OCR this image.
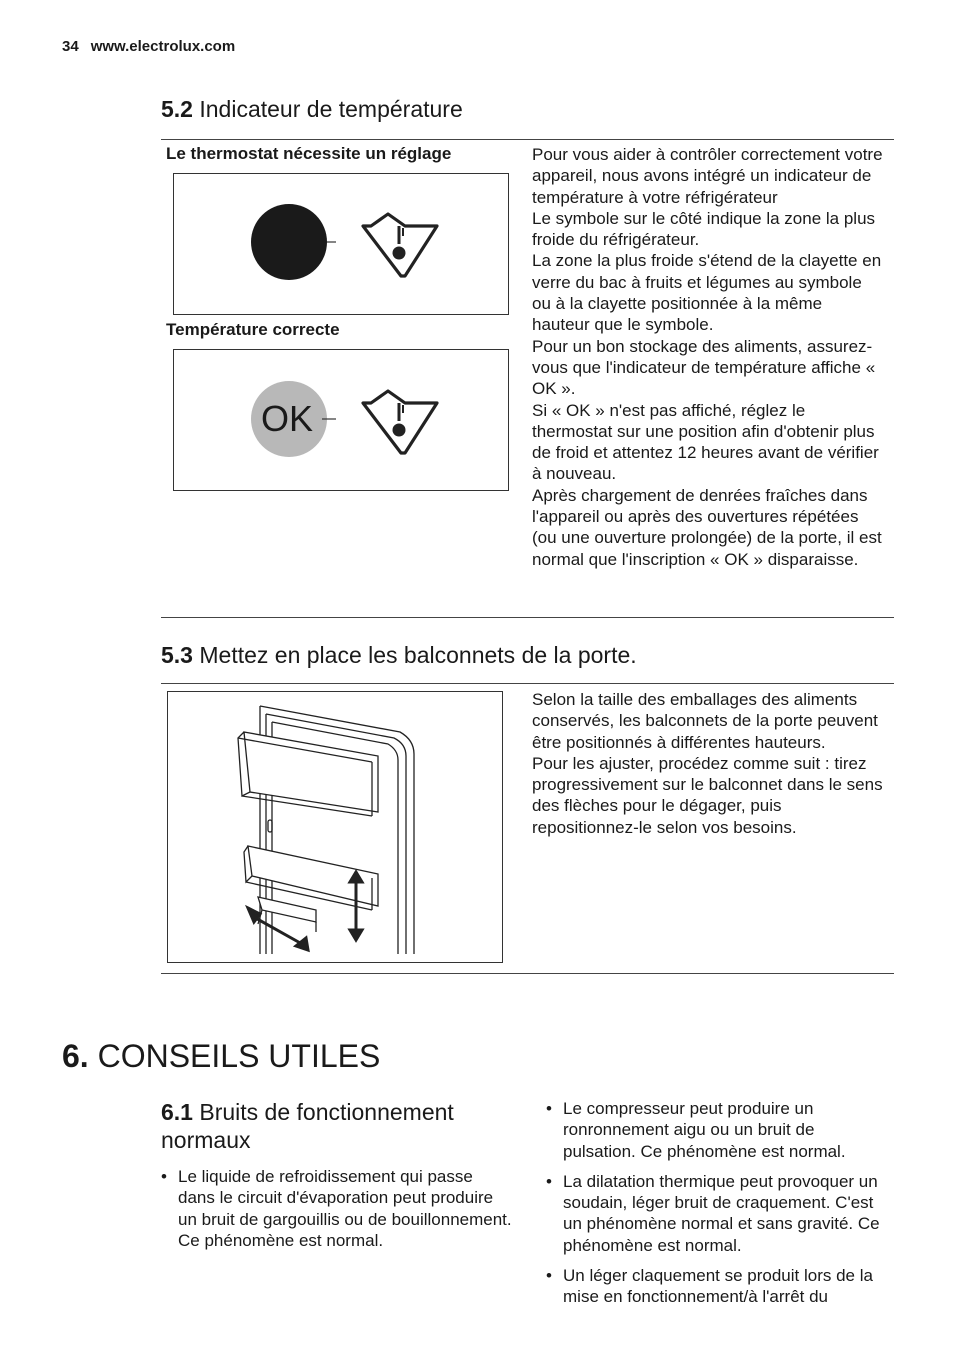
34 www.electrolux.com
5.2 Indicateur de température
Le thermostat nécessite un réglage
Température correcte
OK

Pour vous aider à contrôler correctement votre appareil, nous avons intégré un indicateur de température à votre réfrigérateur

Le symbole sur le côté indique la zone la plus froide du réfrigérateur.

La zone la plus froide s'étend de la clayette en verre du bac à fruits et légumes au symbole ou à la clayette positionnée à la même hauteur que le symbole.

Pour un bon stockage des aliments, assurez-vous que l'indicateur de température affiche « OK ».

Si « OK » n'est pas affiché, réglez le thermostat sur une position afin d'obtenir plus de froid et attentez 12 heures avant de vérifier à nouveau.

Après chargement de denrées fraîches dans l'appareil ou après des ouvertures répétées (ou une ouverture prolongée) de la porte, il est normal que l'inscription « OK » disparaisse.

5.3 Mettez en place les balconnets de la porte.

Selon la taille des emballages des aliments conservés, les balconnets de la porte peuvent être positionnés à différentes hauteurs.

Pour les ajuster, procédez comme suit : tirez progressivement sur le balconnet dans le sens des flèches pour le dégager, puis repositionnez-le selon vos besoins.

6. CONSEILS UTILES
6.1 Bruits de fonctionnement
normaux
• Le liquide de refroidissement qui passe dans le circuit d'évaporation peut produire un bruit de gargouillis ou de bouillonnement. Ce phénomène est normal.
• Le compresseur peut produire un ronronnement aigu ou un bruit de pulsation. Ce phénomène est normal.
• La dilatation thermique peut provoquer un soudain, léger bruit de craquement. C'est un phénomène normal et sans gravité. Ce phénomène est normal.
• Un léger claquement se produit lors de la mise en fonctionnement/à l'arrêt du
